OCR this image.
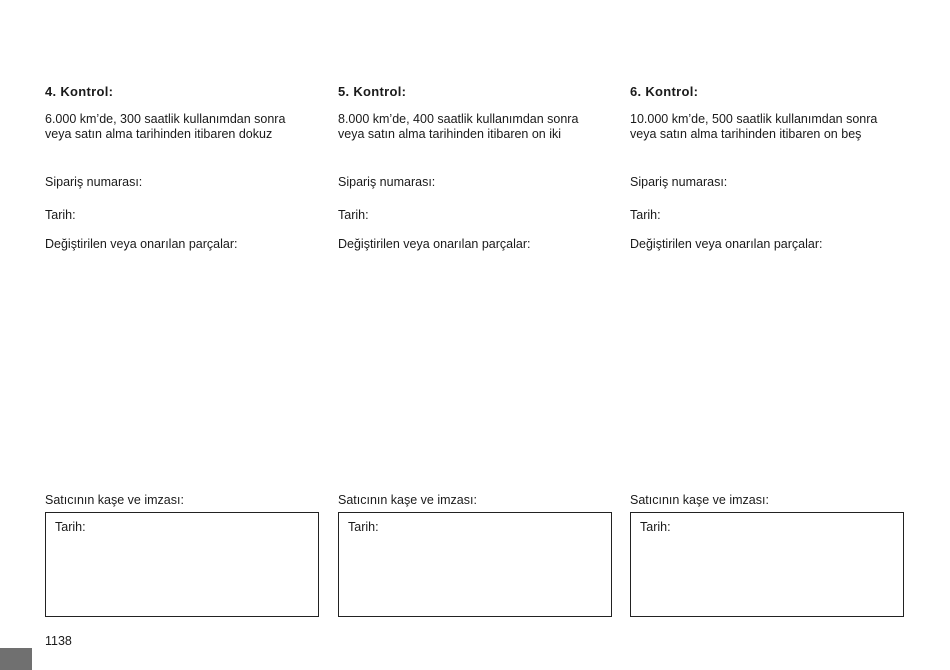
4. Kontrol:
6.000 km’de, 300 saatlik kullanımdan sonra
veya satın alma tarihinden itibaren dokuz
Sipariş numarası:
Tarih:
Değiştirilen veya onarılan parçalar:
Satıcının kaşe ve imzası:
Tarih:
5. Kontrol:
8.000 km’de, 400 saatlik kullanımdan sonra
veya satın alma tarihinden itibaren on iki
Sipariş numarası:
Tarih:
Değiştirilen veya onarılan parçalar:
Satıcının kaşe ve imzası:
Tarih:
6. Kontrol:
10.000 km’de, 500 saatlik kullanımdan sonra
veya satın alma tarihinden itibaren on beş
Sipariş numarası:
Tarih:
Değiştirilen veya onarılan parçalar:
Satıcının kaşe ve imzası:
Tarih:
1138
